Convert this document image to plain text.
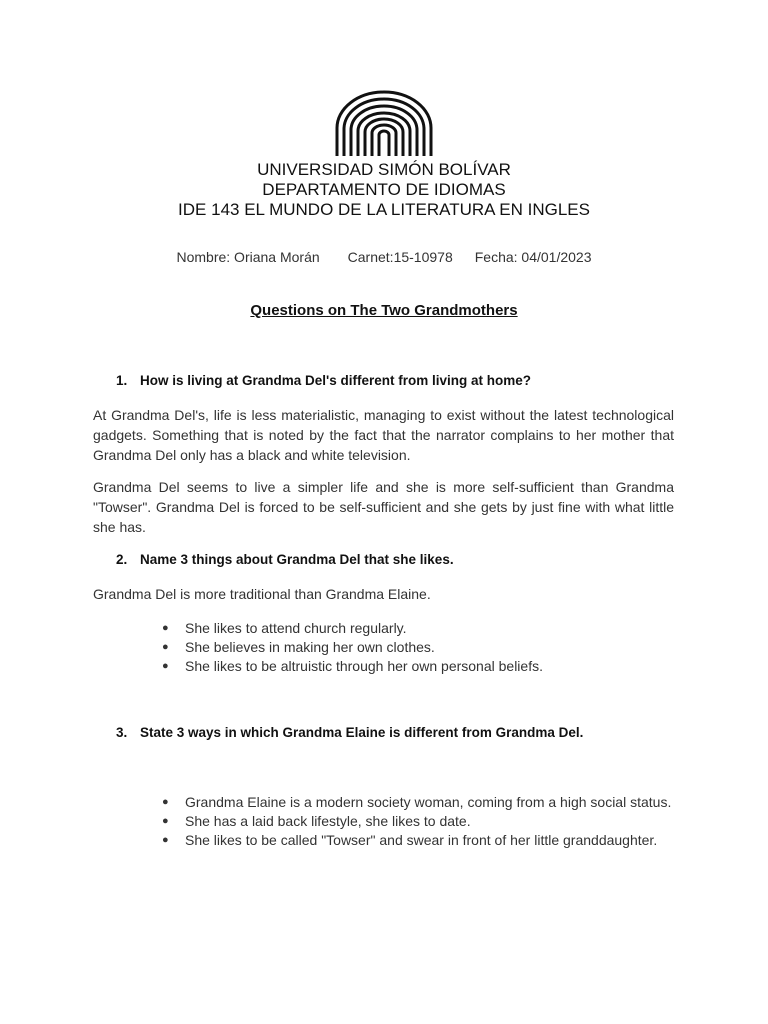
UNIVERSIDAD SIMÓN BOLÍVAR
DEPARTAMENTO DE IDIOMAS
IDE 143 EL MUNDO DE LA LITERATURA EN INGLES
Nombre: Oriana Morán Carnet:15-10978 Fecha: 04/01/2023
Questions on The Two Grandmothers
1. How is living at Grandma Del's different from living at home?

At Grandma Del's, life is less materialistic, managing to exist without the latest technological gadgets. Something that is noted by the fact that the narrator complains to her mother that Grandma Del only has a black and white television.

Grandma Del seems to live a simpler life and she is more self-sufficient than Grandma "Towser". Grandma Del is forced to be self-sufficient and she gets by just fine with what little she has.

2. Name 3 things about Grandma Del that she likes.

Grandma Del is more traditional than Grandma Elaine.

● She likes to attend church regularly.
● She believes in making her own clothes.
● She likes to be altruistic through her own personal beliefs.
3. State 3 ways in which Grandma Elaine is different from Grandma Del.
● Grandma Elaine is a modern society woman, coming from a high social status.
● She has a laid back lifestyle, she likes to date.
● She likes to be called "Towser" and swear in front of her little granddaughter.
